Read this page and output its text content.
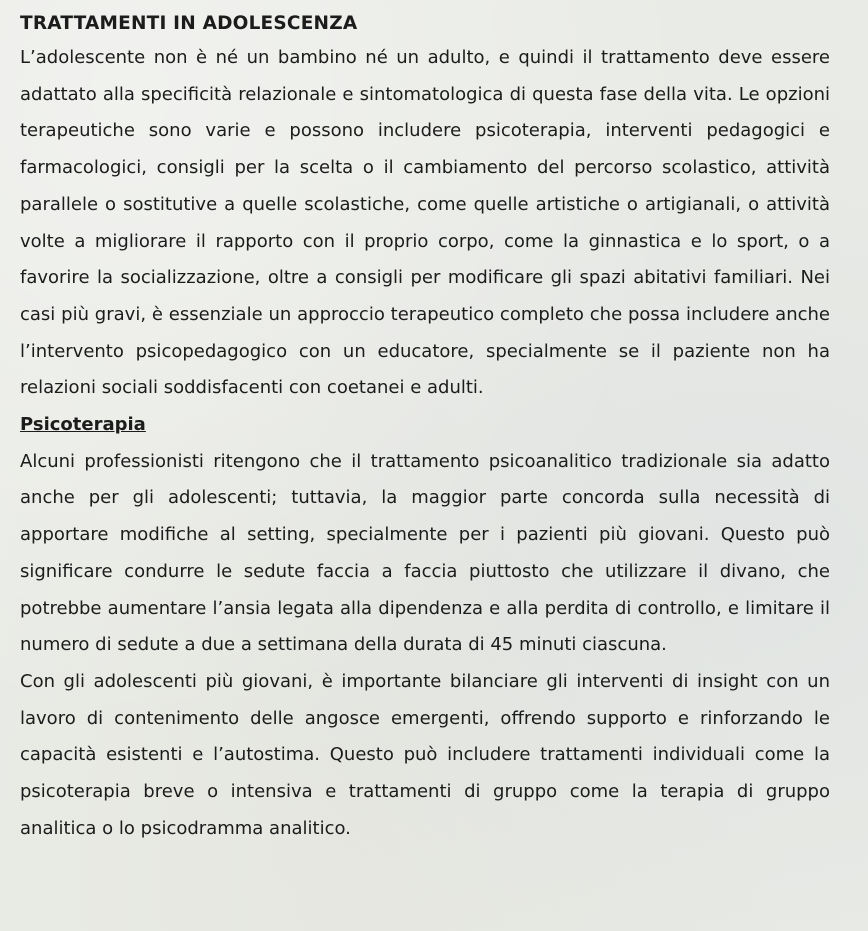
TRATTAMENTI IN ADOLESCENZA

L’adolescente non è né un bambino né un adulto, e quindi il trattamento deve essere adattato alla specificità relazionale e sintomatologica di questa fase della vita. Le opzioni terapeutiche sono varie e possono includere psicoterapia, interventi pedagogici e farmacologici, consigli per la scelta o il cambiamento del percorso scolastico, attività parallele o sostitutive a quelle scolastiche, come quelle artistiche o artigianali, o attività volte a migliorare il rapporto con il proprio corpo, come la ginnastica e lo sport, o a favorire la socializzazione, oltre a consigli per modificare gli spazi abitativi familiari. Nei casi più gravi, è essenziale un approccio terapeutico completo che possa includere anche l’intervento psicopedagogico con un educatore, specialmente se il paziente non ha relazioni sociali soddisfacenti con coetanei e adulti.

Psicoterapia

Alcuni professionisti ritengono che il trattamento psicoanalitico tradizionale sia adatto anche per gli adolescenti; tuttavia, la maggior parte concorda sulla necessità di apportare modifiche al setting, specialmente per i pazienti più giovani. Questo può significare condurre le sedute faccia a faccia piuttosto che utilizzare il divano, che potrebbe aumentare l’ansia legata alla dipendenza e alla perdita di controllo, e limitare il numero di sedute a due a settimana della durata di 45 minuti ciascuna.

Con gli adolescenti più giovani, è importante bilanciare gli interventi di insight con un lavoro di contenimento delle angosce emergenti, offrendo supporto e rinforzando le capacità esistenti e l’autostima. Questo può includere trattamenti individuali come la psicoterapia breve o intensiva e trattamenti di gruppo come la terapia di gruppo analitica o lo psicodramma analitico.
